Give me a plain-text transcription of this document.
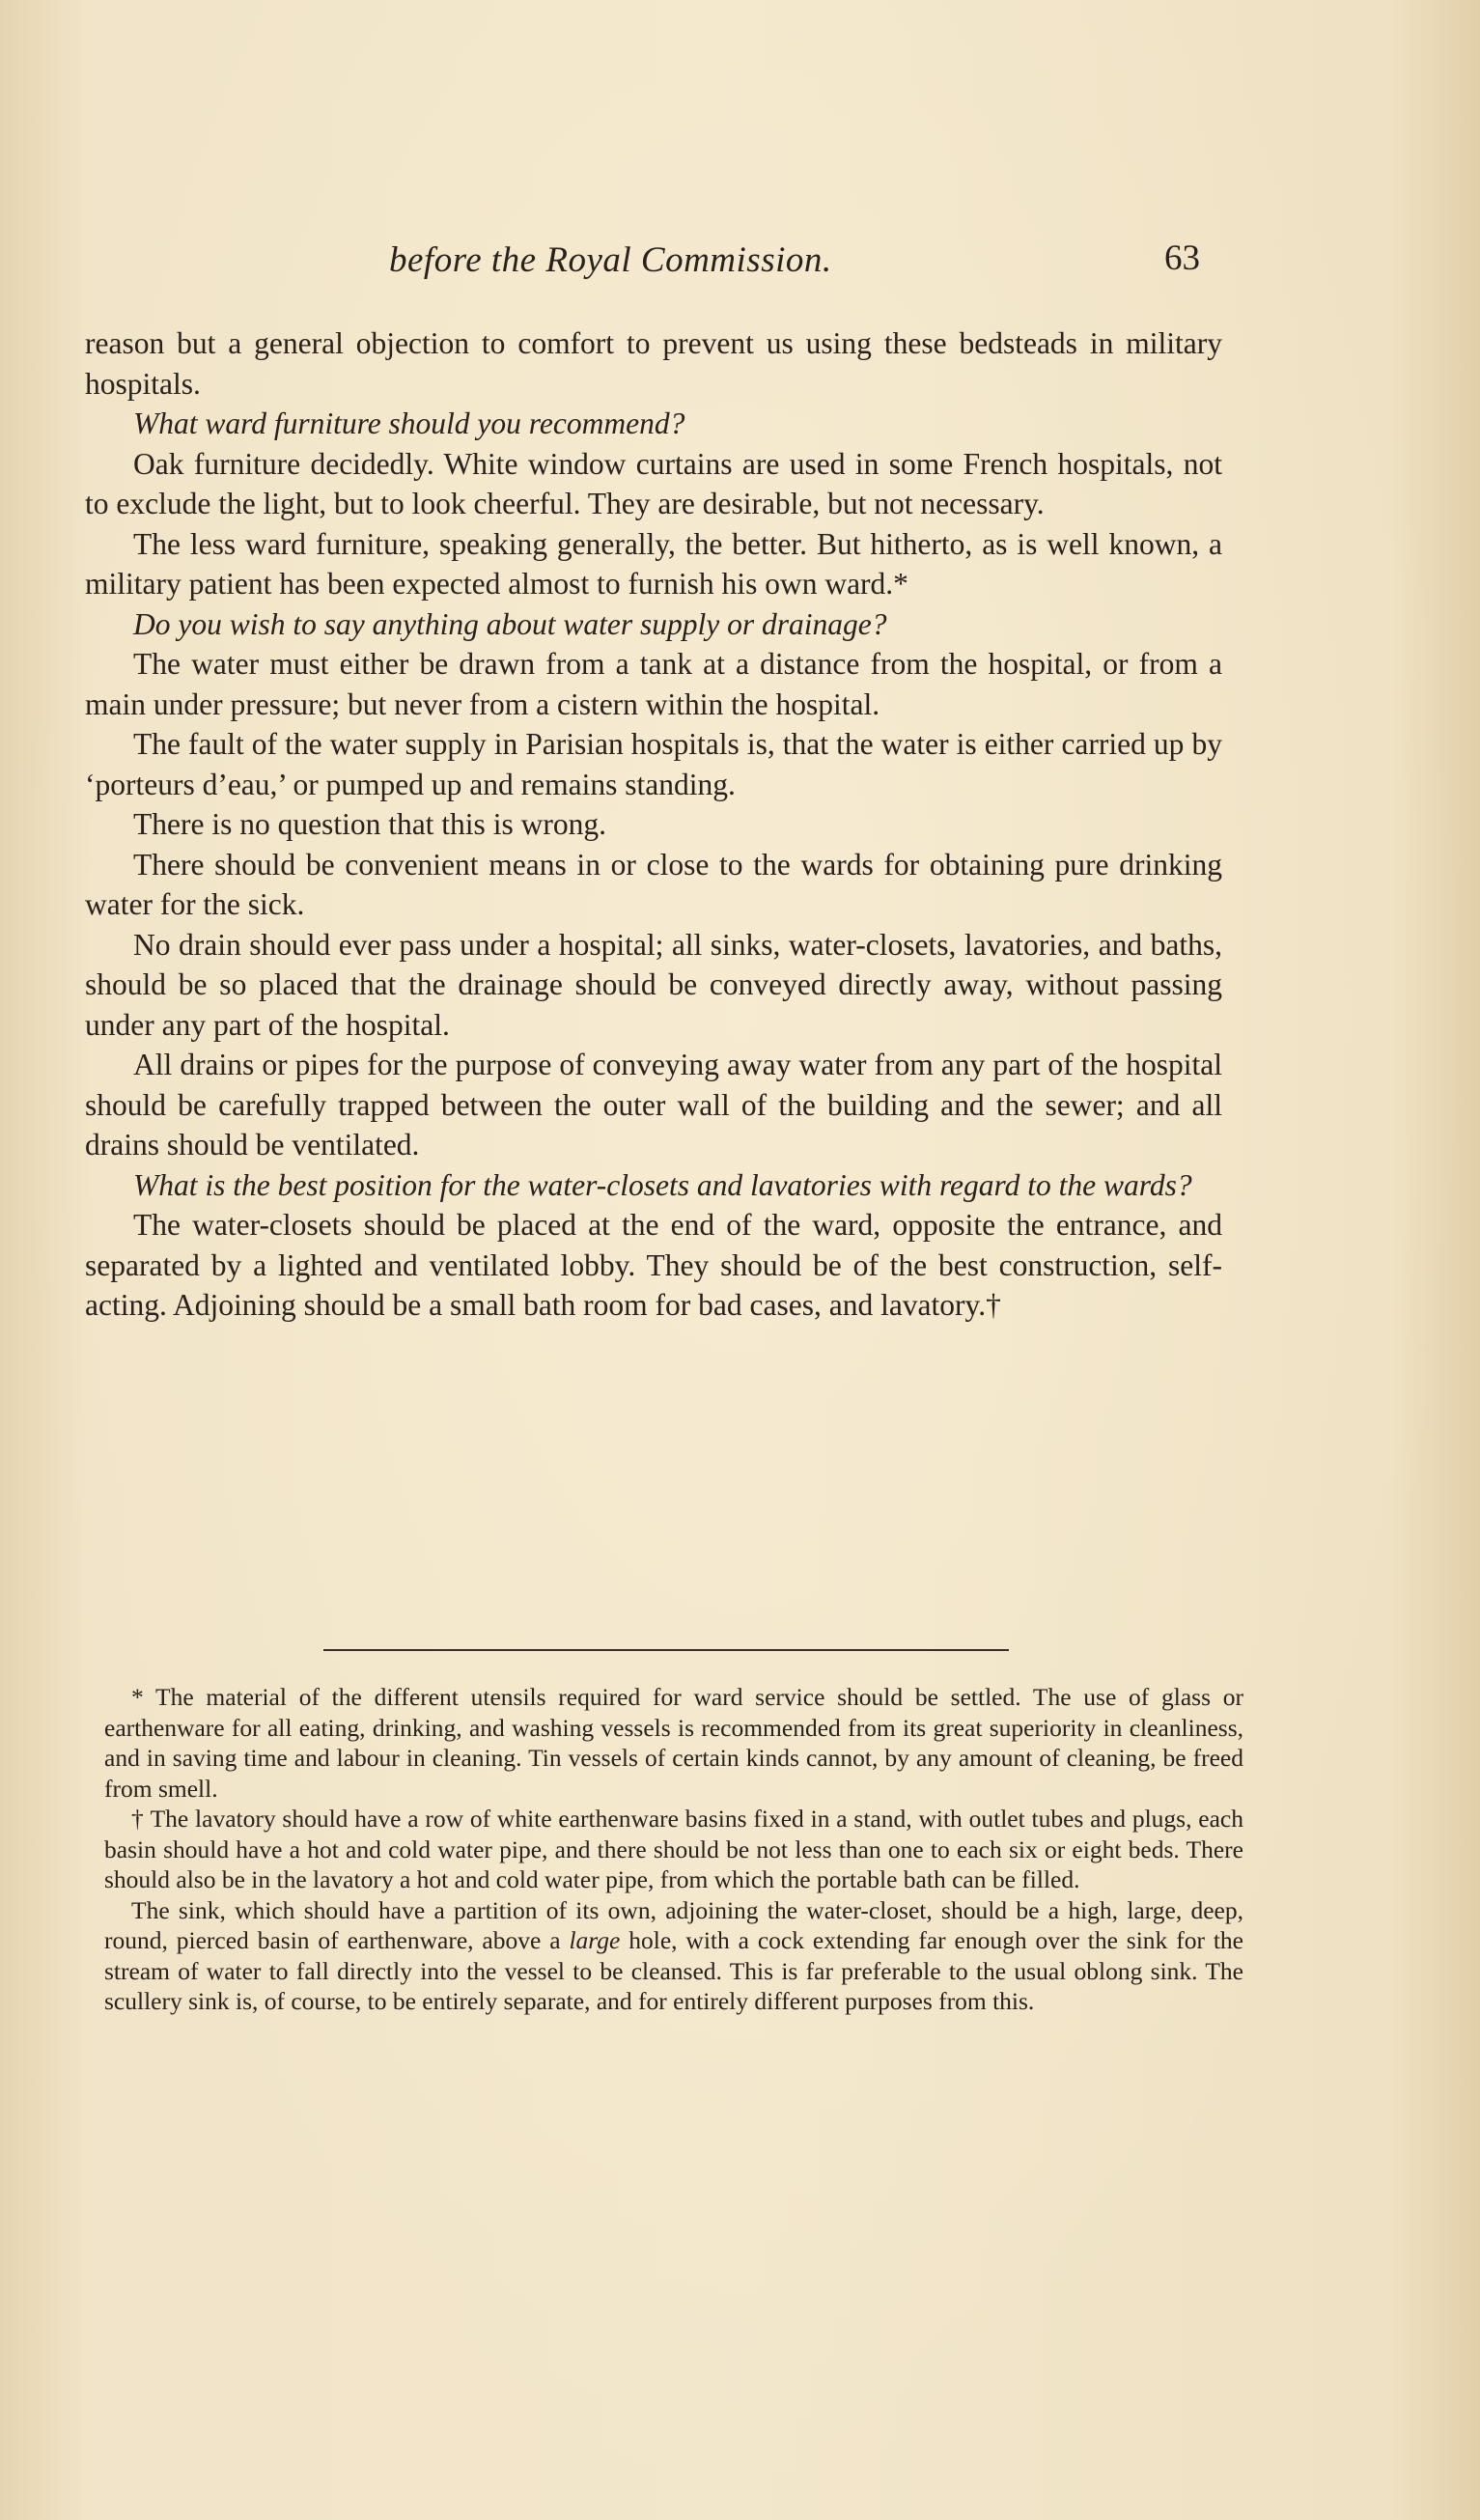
before the Royal Commission.	63

reason but a general objection to comfort to prevent us using these bedsteads in military hospitals.

What ward furniture should you recommend?

Oak furniture decidedly. White window curtains are used in some French hospitals, not to exclude the light, but to look cheerful. They are desirable, but not necessary.

The less ward furniture, speaking generally, the better. But hitherto, as is well known, a military patient has been expected almost to furnish his own ward.*

Do you wish to say anything about water supply or drainage?

The water must either be drawn from a tank at a distance from the hospital, or from a main under pressure; but never from a cistern within the hospital.

The fault of the water supply in Parisian hospitals is, that the water is either carried up by ‘porteurs d’eau,’ or pumped up and remains standing.

There is no question that this is wrong.

There should be convenient means in or close to the wards for obtaining pure drinking water for the sick.

No drain should ever pass under a hospital; all sinks, water-closets, lavatories, and baths, should be so placed that the drainage should be conveyed directly away, without passing under any part of the hospital.

All drains or pipes for the purpose of conveying away water from any part of the hospital should be carefully trapped between the outer wall of the building and the sewer; and all drains should be ventilated.

What is the best position for the water-closets and lavatories with regard to the wards?

The water-closets should be placed at the end of the ward, opposite the entrance, and separated by a lighted and ventilated lobby. They should be of the best construction, self-acting. Adjoining should be a small bath room for bad cases, and lavatory.†

* The material of the different utensils required for ward service should be settled. The use of glass or earthenware for all eating, drinking, and washing vessels is recommended from its great superiority in cleanliness, and in saving time and labour in cleaning. Tin vessels of certain kinds cannot, by any amount of cleaning, be freed from smell.

† The lavatory should have a row of white earthenware basins fixed in a stand, with outlet tubes and plugs, each basin should have a hot and cold water pipe, and there should be not less than one to each six or eight beds. There should also be in the lavatory a hot and cold water pipe, from which the portable bath can be filled.

The sink, which should have a partition of its own, adjoining the water-closet, should be a high, large, deep, round, pierced basin of earthenware, above a large hole, with a cock extending far enough over the sink for the stream of water to fall directly into the vessel to be cleansed. This is far preferable to the usual oblong sink. The scullery sink is, of course, to be entirely separate, and for entirely different purposes from this.
